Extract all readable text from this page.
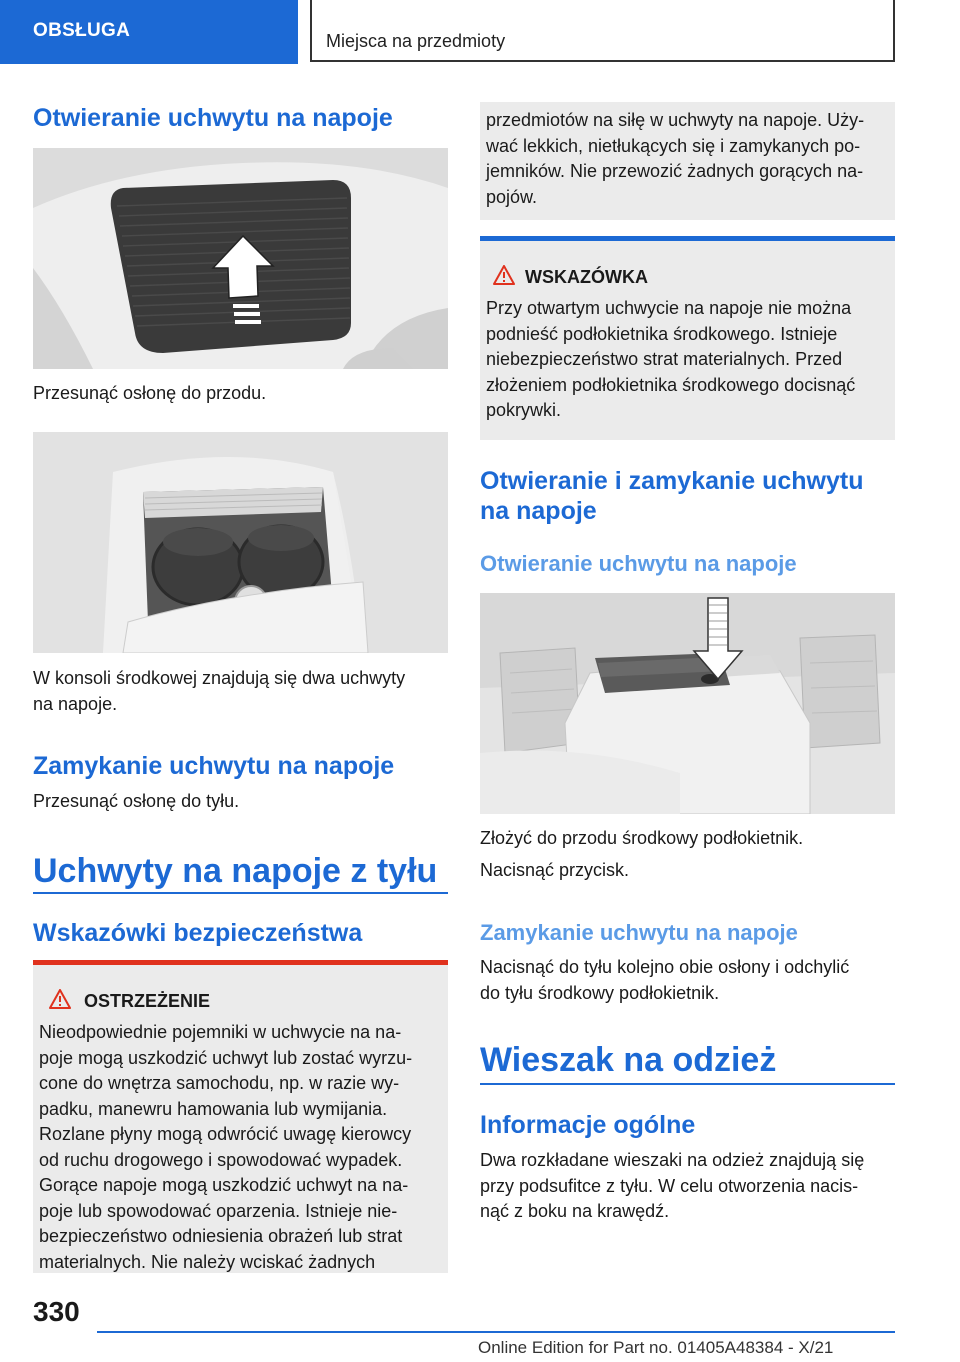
OBSŁUGA	Miejsca na przedmioty
Otwieranie uchwytu na napoje

Przesunąć osłonę do przodu.

W konsoli środkowej znajdują się dwa uchwyty

na napoje.

Zamykanie uchwytu na napoje

Przesunąć osłonę do tyłu.

Uchwyty na napoje z tyłu
Wskazówki bezpieczeństwa
OSTRZEŻENIE

Nieodpowiednie pojemniki w uchwycie na na-

poje mogą uszkodzić uchwyt lub zostać wyrzu-

cone do wnętrza samochodu, np. w razie wy-

padku, manewru hamowania lub wymijania.

Rozlane płyny mogą odwrócić uwagę kierowcy

od ruchu drogowego i spowodować wypadek.

Gorące napoje mogą uszkodzić uchwyt na na-

poje lub spowodować oparzenia. Istnieje nie-

bezpieczeństwo odniesienia obrażeń lub strat

materialnych. Nie należy wciskać żadnych

przedmiotów na siłę w uchwyty na napoje. Uży-

wać lekkich, nietłukących się i zamykanych po-

jemników. Nie przewozić żadnych gorących na-

pojów.

WSKAZÓWKA

Przy otwartym uchwycie na napoje nie można

podnieść podłokietnika środkowego. Istnieje

niebezpieczeństwo strat materialnych. Przed

złożeniem podłokietnika środkowego docisnąć

pokrywki.

Otwieranie i zamykanie uchwytu
na napoje
Otwieranie uchwytu na napoje

Złożyć do przodu środkowy podłokietnik.

Nacisnąć przycisk.

Zamykanie uchwytu na napoje

Nacisnąć do tyłu kolejno obie osłony i odchylić

do tyłu środkowy podłokietnik.

Wieszak na odzież
Informacje ogólne

Dwa rozkładane wieszaki na odzież znajdują się

przy podsufitce z tyłu. W celu otworzenia nacis-

nąć z boku na krawędź.

330
Online Edition for Part no. 01405A48384 - X/21
